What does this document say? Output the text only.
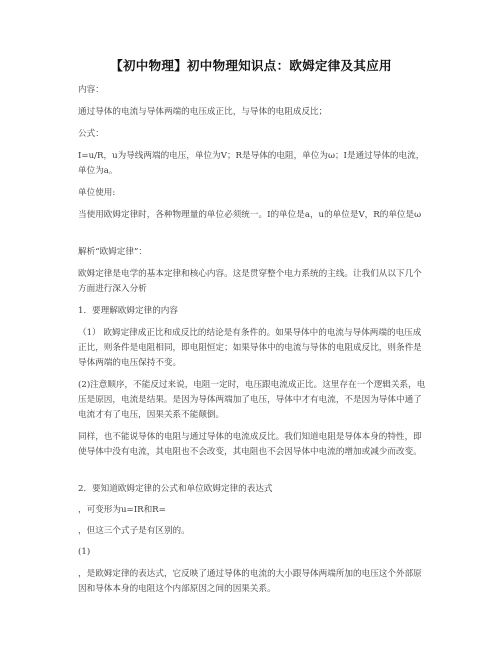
【初中物理】初中物理知识点：欧姆定律及其应用

内容：

通过导体的电流与导体两端的电压成正比，与导体的电阻成反比；

公式：

I=u/R，u为导线两端的电压，单位为V；R是导体的电阻，单位为ω；I是通过导体的电流，单位为a。

单位使用:

当使用欧姆定律时，各种物理量的单位必须统一。I的单位是a，u的单位是V，R的单位是ω

解析“欧姆定律”：

欧姆定律是电学的基本定律和核心内容。这是贯穿整个电力系统的主线。让我们从以下几个方面进行深入分析

1．要理解欧姆定律的内容

（1） 欧姆定律成正比和成反比的结论是有条件的。如果导体中的电流与导体两端的电压成正比，则条件是电阻相同，即电阻恒定；如果导体中的电流与导体的电阻成反比，则条件是导体两端的电压保持不变。

(2)注意顺序，不能反过来说，电阻一定时，电压跟电流成正比。这里存在一个逻辑关系，电压是原因，电流是结果。是因为导体两端加了电压，导体中才有电流，不是因为导体中通了电流才有了电压，因果关系不能颠倒。

同样，也不能说导体的电阻与通过导体的电流成反比。我们知道电阻是导体本身的特性，即使导体中没有电流，其电阻也不会改变，其电阻也不会因导体中电流的增加或减少而改变。

2．要知道欧姆定律的公式和单位欧姆定律的表达式

，可变形为u=IR和R=

，但这三个式子是有区别的。

(1)

，是欧姆定律的表达式，它反映了通过导体的电流的大小跟导体两端所加的电压这个外部原因和导体本身的电阻这个内部原因之间的因果关系。
